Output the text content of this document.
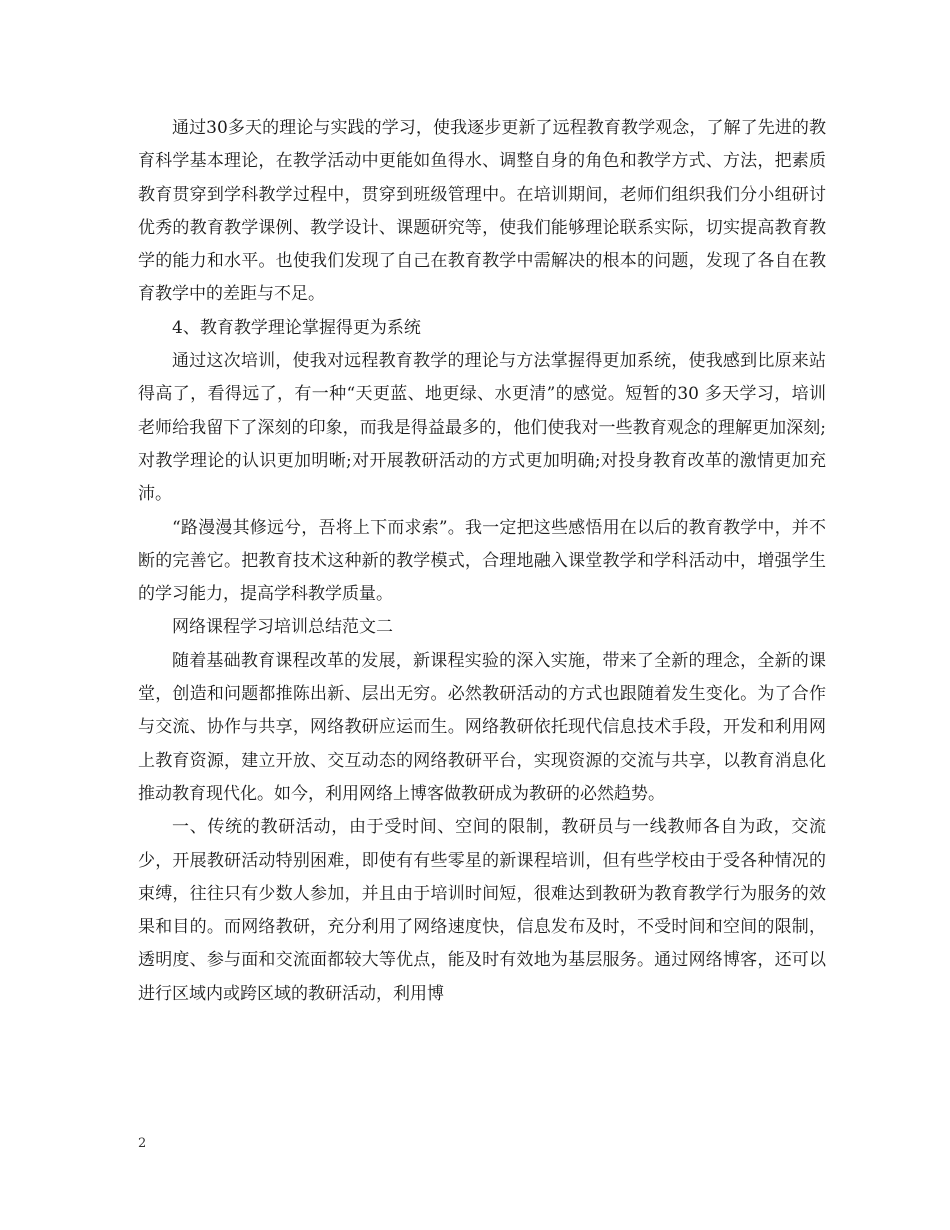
通过30多天的理论与实践的学习，使我逐步更新了远程教育教学观念，了解了先进的教育科学基本理论，在教学活动中更能如鱼得水、调整自身的角色和教学方式、方法，把素质教育贯穿到学科教学过程中，贯穿到班级管理中。在培训期间，老师们组织我们分小组研讨优秀的教育教学课例、教学设计、课题研究等，使我们能够理论联系实际，切实提高教育教学的能力和水平。也使我们发现了自己在教育教学中需解决的根本的问题，发现了各自在教育教学中的差距与不足。

4、教育教学理论掌握得更为系统

通过这次培训，使我对远程教育教学的理论与方法掌握得更加系统，使我感到比原来站得高了，看得远了，有一种“天更蓝、地更绿、水更清”的感觉。短暂的30 多天学习，培训老师给我留下了深刻的印象，而我是得益最多的，他们使我对一些教育观念的理解更加深刻;对教学理论的认识更加明晰;对开展教研活动的方式更加明确;对投身教育改革的激情更加充沛。

“路漫漫其修远兮，吾将上下而求索”。我一定把这些感悟用在以后的教育教学中，并不断的完善它。把教育技术这种新的教学模式，合理地融入课堂教学和学科活动中，增强学生的学习能力，提高学科教学质量。

网络课程学习培训总结范文二

随着基础教育课程改革的发展，新课程实验的深入实施，带来了全新的理念，全新的课堂，创造和问题都推陈出新、层出无穷。必然教研活动的方式也跟随着发生变化。为了合作与交流、协作与共享，网络教研应运而生。网络教研依托现代信息技术手段，开发和利用网上教育资源，建立开放、交互动态的网络教研平台，实现资源的交流与共享，以教育消息化推动教育现代化。如今，利用网络上博客做教研成为教研的必然趋势。

一、传统的教研活动，由于受时间、空间的限制，教研员与一线教师各自为政，交流少，开展教研活动特别困难，即使有有些零星的新课程培训，但有些学校由于受各种情况的束缚，往往只有少数人参加，并且由于培训时间短，很难达到教研为教育教学行为服务的效果和目的。而网络教研，充分利用了网络速度快，信息发布及时，不受时间和空间的限制，透明度、参与面和交流面都较大等优点，能及时有效地为基层服务。通过网络博客，还可以进行区域内或跨区域的教研活动，利用博

2
